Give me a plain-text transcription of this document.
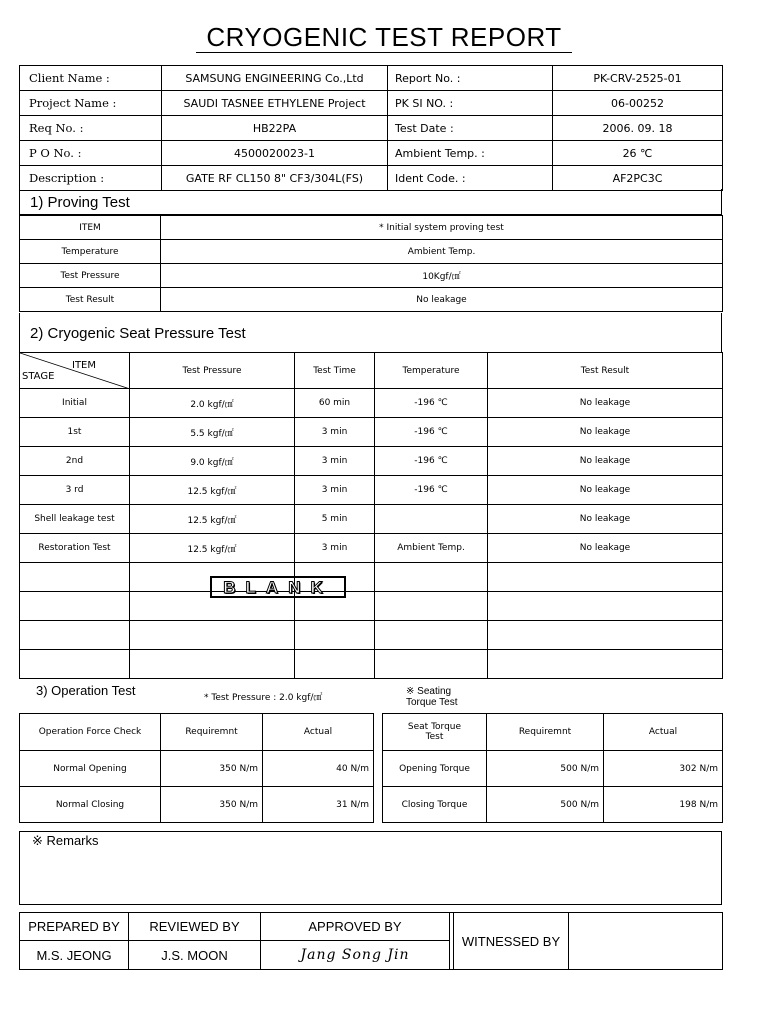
CRYOGENIC TEST REPORT
Client Name :	SAMSUNG ENGINEERING Co.,Ltd	Report No. :	PK-CRV-2525-01
Project Name :	SAUDI TASNEE ETHYLENE Project	PK SI NO. :	06-00252
Req No. :	HB22PA	Test Date :	2006. 09. 18
P O No. :	4500020023-1	Ambient Temp. :	26 ℃
Description :	GATE RF CL150 8" CF3/304L(FS)	Ident Code. :	AF2PC3C
1) Proving Test
ITEM	* Initial system proving test
Temperature	Ambient Temp.
Test Pressure	10Kgf/㎠
Test Result	No leakage
2) Cryogenic Seat Pressure Test
ITEM
STAGE	Test Pressure	Test Time	Temperature	Test Result
Initial	2.0 kgf/㎠	60 min	-196 ℃	No leakage
1st	5.5 kgf/㎠	3 min	-196 ℃	No leakage
2nd	9.0 kgf/㎠	3 min	-196 ℃	No leakage
3 rd	12.5 kgf/㎠	3 min	-196 ℃	No leakage
Shell leakage test	12.5 kgf/㎠	5 min		No leakage
Restoration Test	12.5 kgf/㎠	3 min	Ambient Temp.	No leakage

BLANK
3) Operation Test	* Test Pressure : 2.0 kgf/㎠
※ Seating
Torque Test
Operation Force Check	Requiremnt	Actual
Normal Opening	350 N/m	40 N/m
Normal Closing	350 N/m	31 N/m
Seat Torque
Test	Requiremnt	Actual
Opening Torque	500 N/m	302 N/m
Closing Torque	500 N/m	198 N/m
※ Remarks
PREPARED BY	REVIEWED BY	APPROVED BY		WITNESSED BY	
M.S. JEONG	J.S. MOON	Jang Song Jin			
